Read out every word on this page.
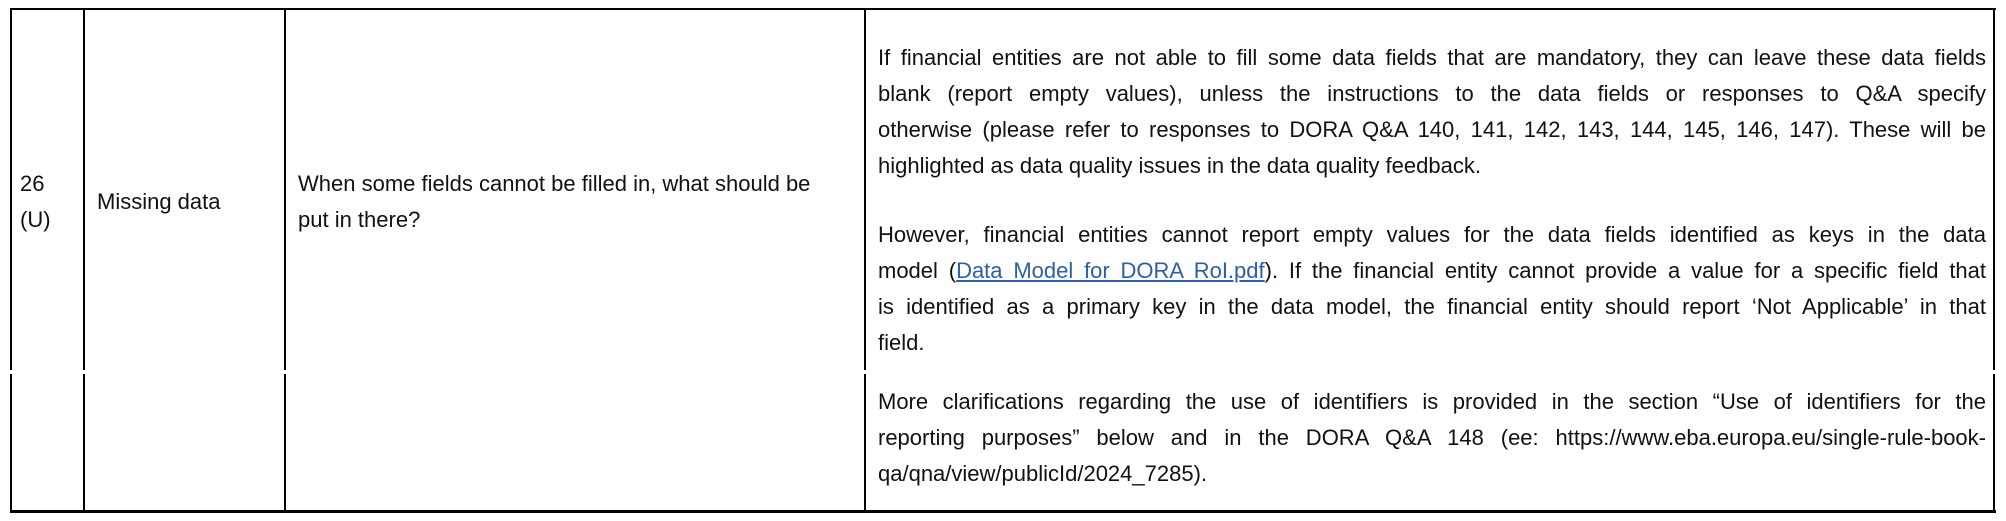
26
(U)
Missing data
When some fields cannot be filled in, what should be
put in there?
If financial entities are not able to fill some data fields that are mandatory, they can leave these data fields
blank (report empty values), unless the instructions to the data fields or responses to Q&A specify
otherwise (please refer to responses to DORA Q&A 140, 141, 142, 143, 144, 145, 146, 147). These will be
highlighted as data quality issues in the data quality feedback.
However, financial entities cannot report empty values for the data fields identified as keys in the data
model (Data Model for DORA RoI.pdf). If the financial entity cannot provide a value for a specific field that
is identified as a primary key in the data model, the financial entity should report ‘Not Applicable’ in that
field.
More clarifications regarding the use of identifiers is provided in the section “Use of identifiers for the
reporting purposes” below and in the DORA Q&A 148 (ee: https://www.eba.europa.eu/single-rule-book-
qa/qna/view/publicId/2024_7285).
